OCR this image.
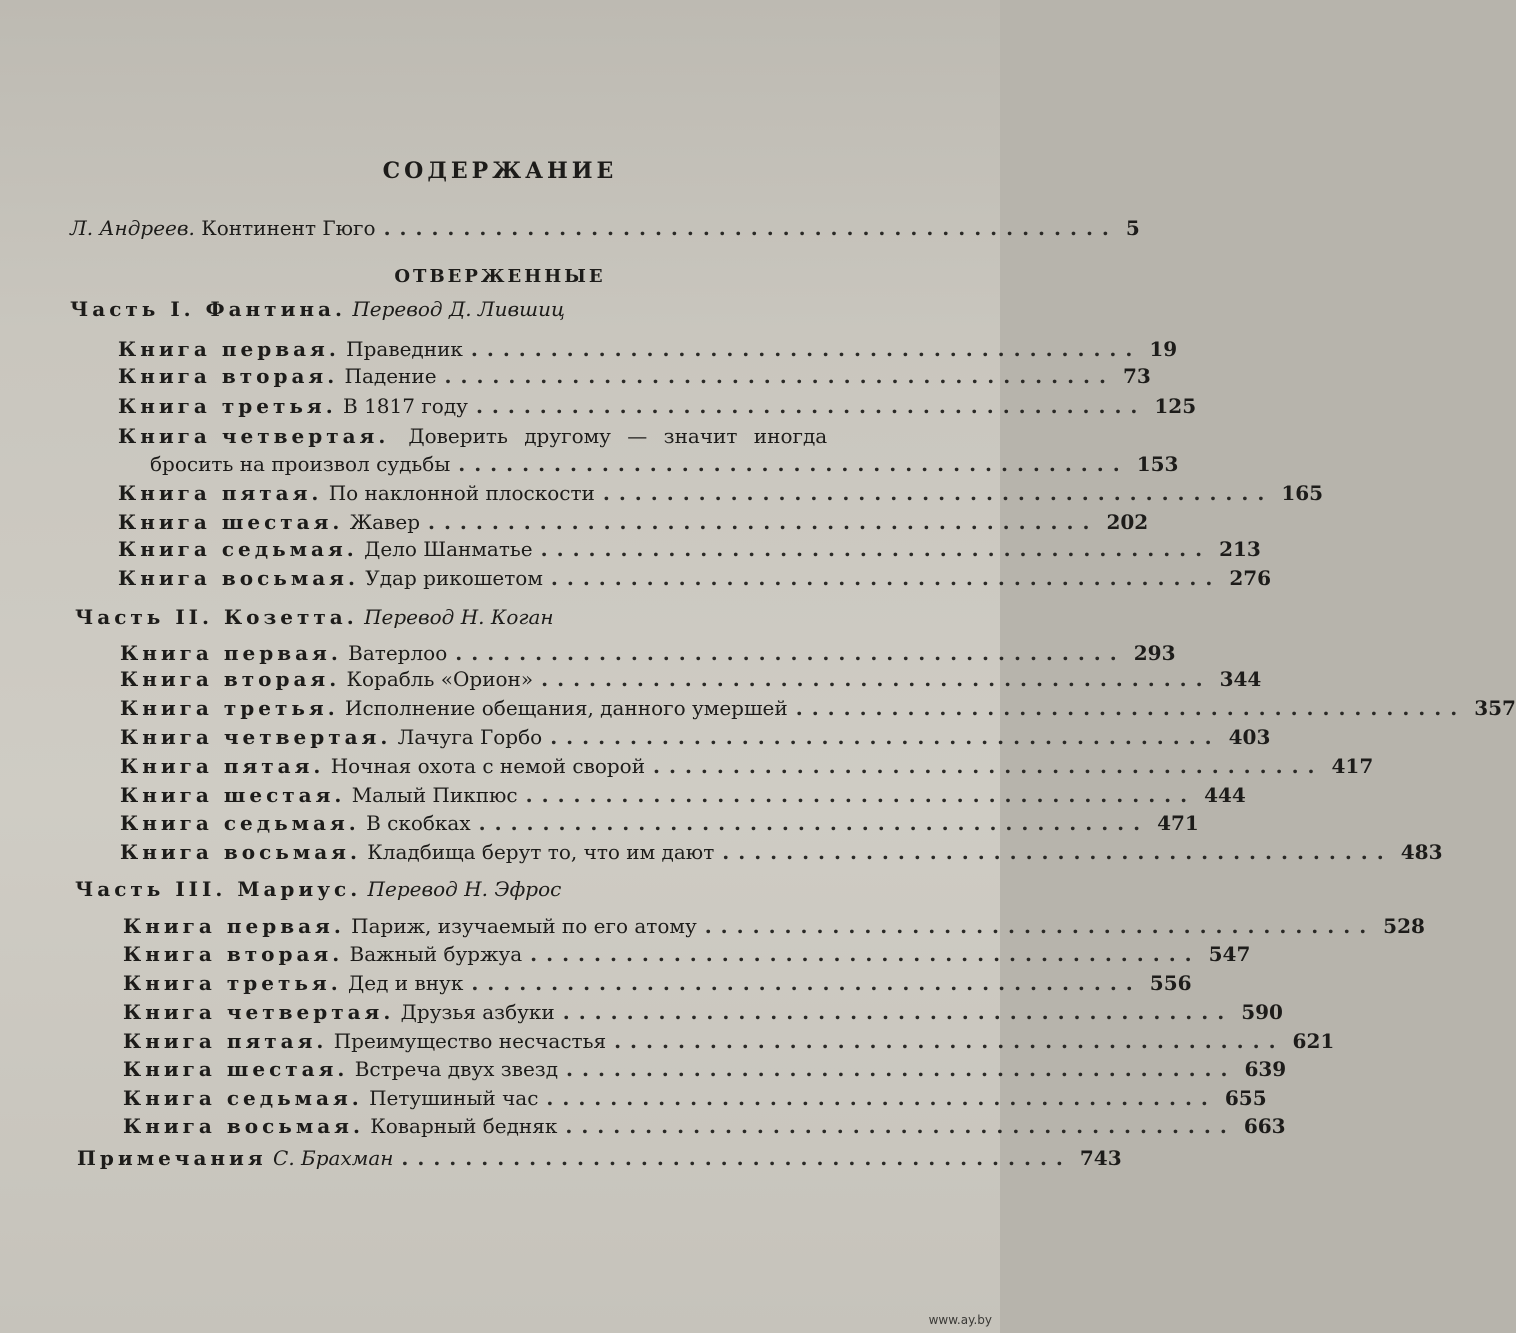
СОДЕРЖАНИЕ
Л. Андреев. Континент Гюго .............................................. 5
ОТВЕРЖЕННЫЕ
Часть I. Фантина. Перевод Д. Лившиц
Книга первая. Праведник .......................................... 19
Книга вторая. Падение .......................................... 73
Книга третья. В 1817 году .......................................... 125
Книга четвертая. Доверить другому — значит иногда
бросить на произвол судьбы .......................................... 153
Книга пятая. По наклонной плоскости .......................................... 165
Книга шестая. Жавер .......................................... 202
Книга седьмая. Дело Шанматье .......................................... 213
Книга восьмая. Удар рикошетом .......................................... 276
Часть II. Козетта. Перевод Н. Коган
Книга первая. Ватерлоо .......................................... 293
Книга вторая. Корабль «Орион» .......................................... 344
Книга третья. Исполнение обещания, данного умершей .......................................... 357
Книга четвертая. Лачуга Горбо .......................................... 403
Книга пятая. Ночная охота с немой сворой .......................................... 417
Книга шестая. Малый Пикпюс .......................................... 444
Книга седьмая. В скобках .......................................... 471
Книга восьмая. Кладбища берут то, что им дают .......................................... 483
Часть III. Мариус. Перевод Н. Эфрос
Книга первая. Париж, изучаемый по его атому .......................................... 528
Книга вторая. Важный буржуа .......................................... 547
Книга третья. Дед и внук .......................................... 556
Книга четвертая. Друзья азбуки .......................................... 590
Книга пятая. Преимущество несчастья .......................................... 621
Книга шестая. Встреча двух звезд .......................................... 639
Книга седьмая. Петушиный час .......................................... 655
Книга восьмая. Коварный бедняк .......................................... 663
Примечания С. Брахман .......................................... 743
www.ay.by
